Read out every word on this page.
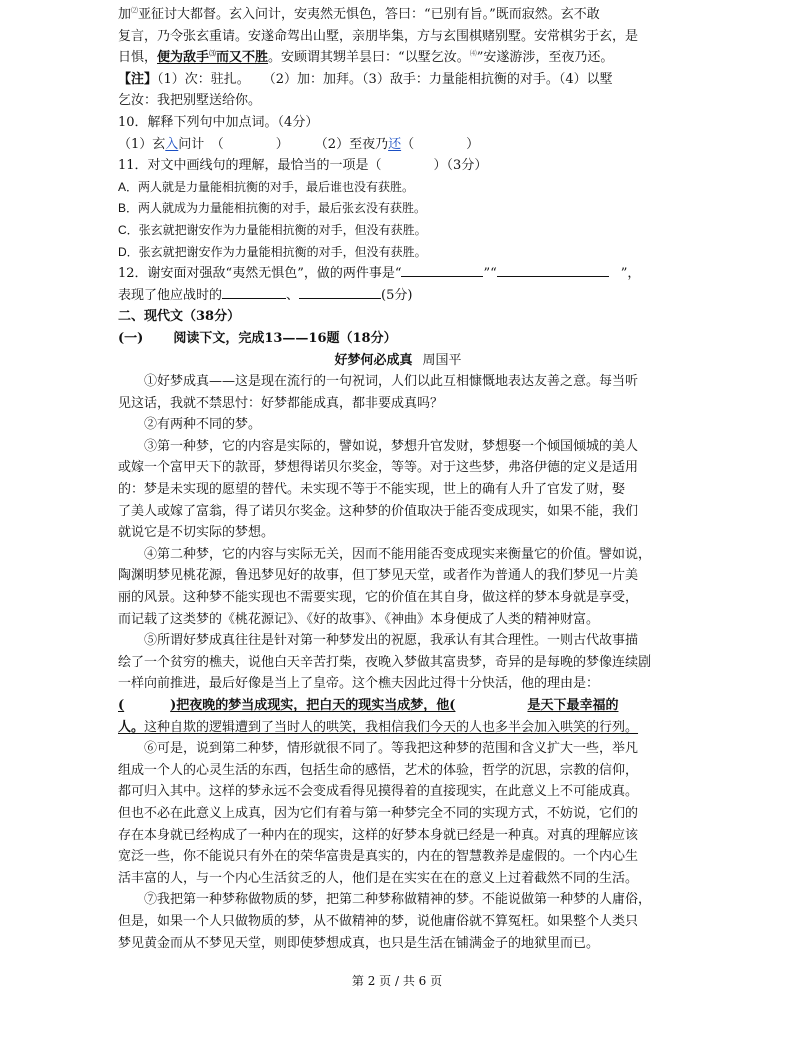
加⑵亚征讨大都督。玄入问计，安夷然无惧色，答曰：“已别有旨。”既而寂然。玄不敢
复言，乃令张玄重请。安遂命驾出山墅，亲朋毕集，方与玄围棋赌别墅。安常棋劣于玄，是
日惧，便为敌手⑶而又不胜。安顾谓其甥羊昙曰：“以墅乞汝。⑷”安遂游涉，至夜乃还。
【注】（1）次：驻扎。　　（2）加：加拜。（3）敌手：力量能相抗衡的对手。（4）以墅
乞汝：我把别墅送给你。
10．解释下列句中加点词。（4分）
（1）玄入问计　（　　　　）　　　（2）至夜乃还（　　　　）
11．对文中画线句的理解，最恰当的一项是（　　　　）（3分）
A．两人就是力量能相抗衡的对手，最后谁也没有获胜。
B．两人就成为力量能相抗衡的对手，最后张玄没有获胜。
C．张玄就把谢安作为力量能相抗衡的对手，但没有获胜。
D．张玄就把谢安作为力量能相抗衡的对手，但没有获胜。
12．谢安面对强敌“夷然无惧色”，做的两件事是“	”“	”，
表现了他应战时的	、	(5分)
二、现代文（38分）
(一) 阅读下文，完成13——16题（18分）
好梦何必成真 周国平
①好梦成真——这是现在流行的一句祝词，人们以此互相慷慨地表达友善之意。每当听
见这话，我就不禁思忖：好梦都能成真，都非要成真吗？
②有两种不同的梦。
③第一种梦，它的内容是实际的，譬如说，梦想升官发财，梦想娶一个倾国倾城的美人
或嫁一个富甲天下的款哥，梦想得诺贝尔奖金，等等。对于这些梦，弗洛伊德的定义是适用
的：梦是未实现的愿望的替代。未实现不等于不能实现，世上的确有人升了官发了财，娶
了美人或嫁了富翁，得了诺贝尔奖金。这种梦的价值取决于能否变成现实，如果不能，我们
就说它是不切实际的梦想。
④第二种梦，它的内容与实际无关，因而不能用能否变成现实来衡量它的价值。譬如说，
陶渊明梦见桃花源，鲁迅梦见好的故事，但丁梦见天堂，或者作为普通人的我们梦见一片美
丽的风景。这种梦不能实现也不需要实现，它的价值在其自身，做这样的梦本身就是享受，
而记载了这类梦的《桃花源记》、《好的故事》、《神曲》本身便成了人类的精神财富。
⑤所谓好梦成真往往是针对第一种梦发出的祝愿，我承认有其合理性。一则古代故事描
绘了一个贫穷的樵夫，说他白天辛苦打柴，夜晚入梦做其富贵梦，奇异的是每晚的梦像连续剧
一样向前推进，最后好像是当上了皇帝。这个樵夫因此过得十分快活，他的理由是：
(	)把夜晚的梦当成现实，把白天的现实当成梦，他(	是天下最幸福的
人。这种自欺的逻辑遭到了当时人的哄笑，我相信我们今天的人也多半会加入哄笑的行列。
⑥可是，说到第二种梦，情形就很不同了。等我把这种梦的范围和含义扩大一些，举凡
组成一个人的心灵生活的东西，包括生命的感悟，艺术的体验，哲学的沉思，宗教的信仰，
都可归入其中。这样的梦永远不会变成看得见摸得着的直接现实，在此意义上不可能成真。
但也不必在此意义上成真，因为它们有着与第一种梦完全不同的实现方式，不妨说，它们的
存在本身就已经构成了一种内在的现实，这样的好梦本身就已经是一种真。对真的理解应该
宽泛一些，你不能说只有外在的荣华富贵是真实的，内在的智慧教养是虚假的。一个内心生
活丰富的人，与一个内心生活贫乏的人，他们是在实实在在的意义上过着截然不同的生活。
⑦我把第一种梦称做物质的梦，把第二种梦称做精神的梦。不能说做第一种梦的人庸俗，
但是，如果一个人只做物质的梦，从不做精神的梦，说他庸俗就不算冤枉。如果整个人类只
梦见黄金而从不梦见天堂，则即使梦想成真，也只是生活在铺满金子的地狱里而已。
第 2 页 / 共 6 页
